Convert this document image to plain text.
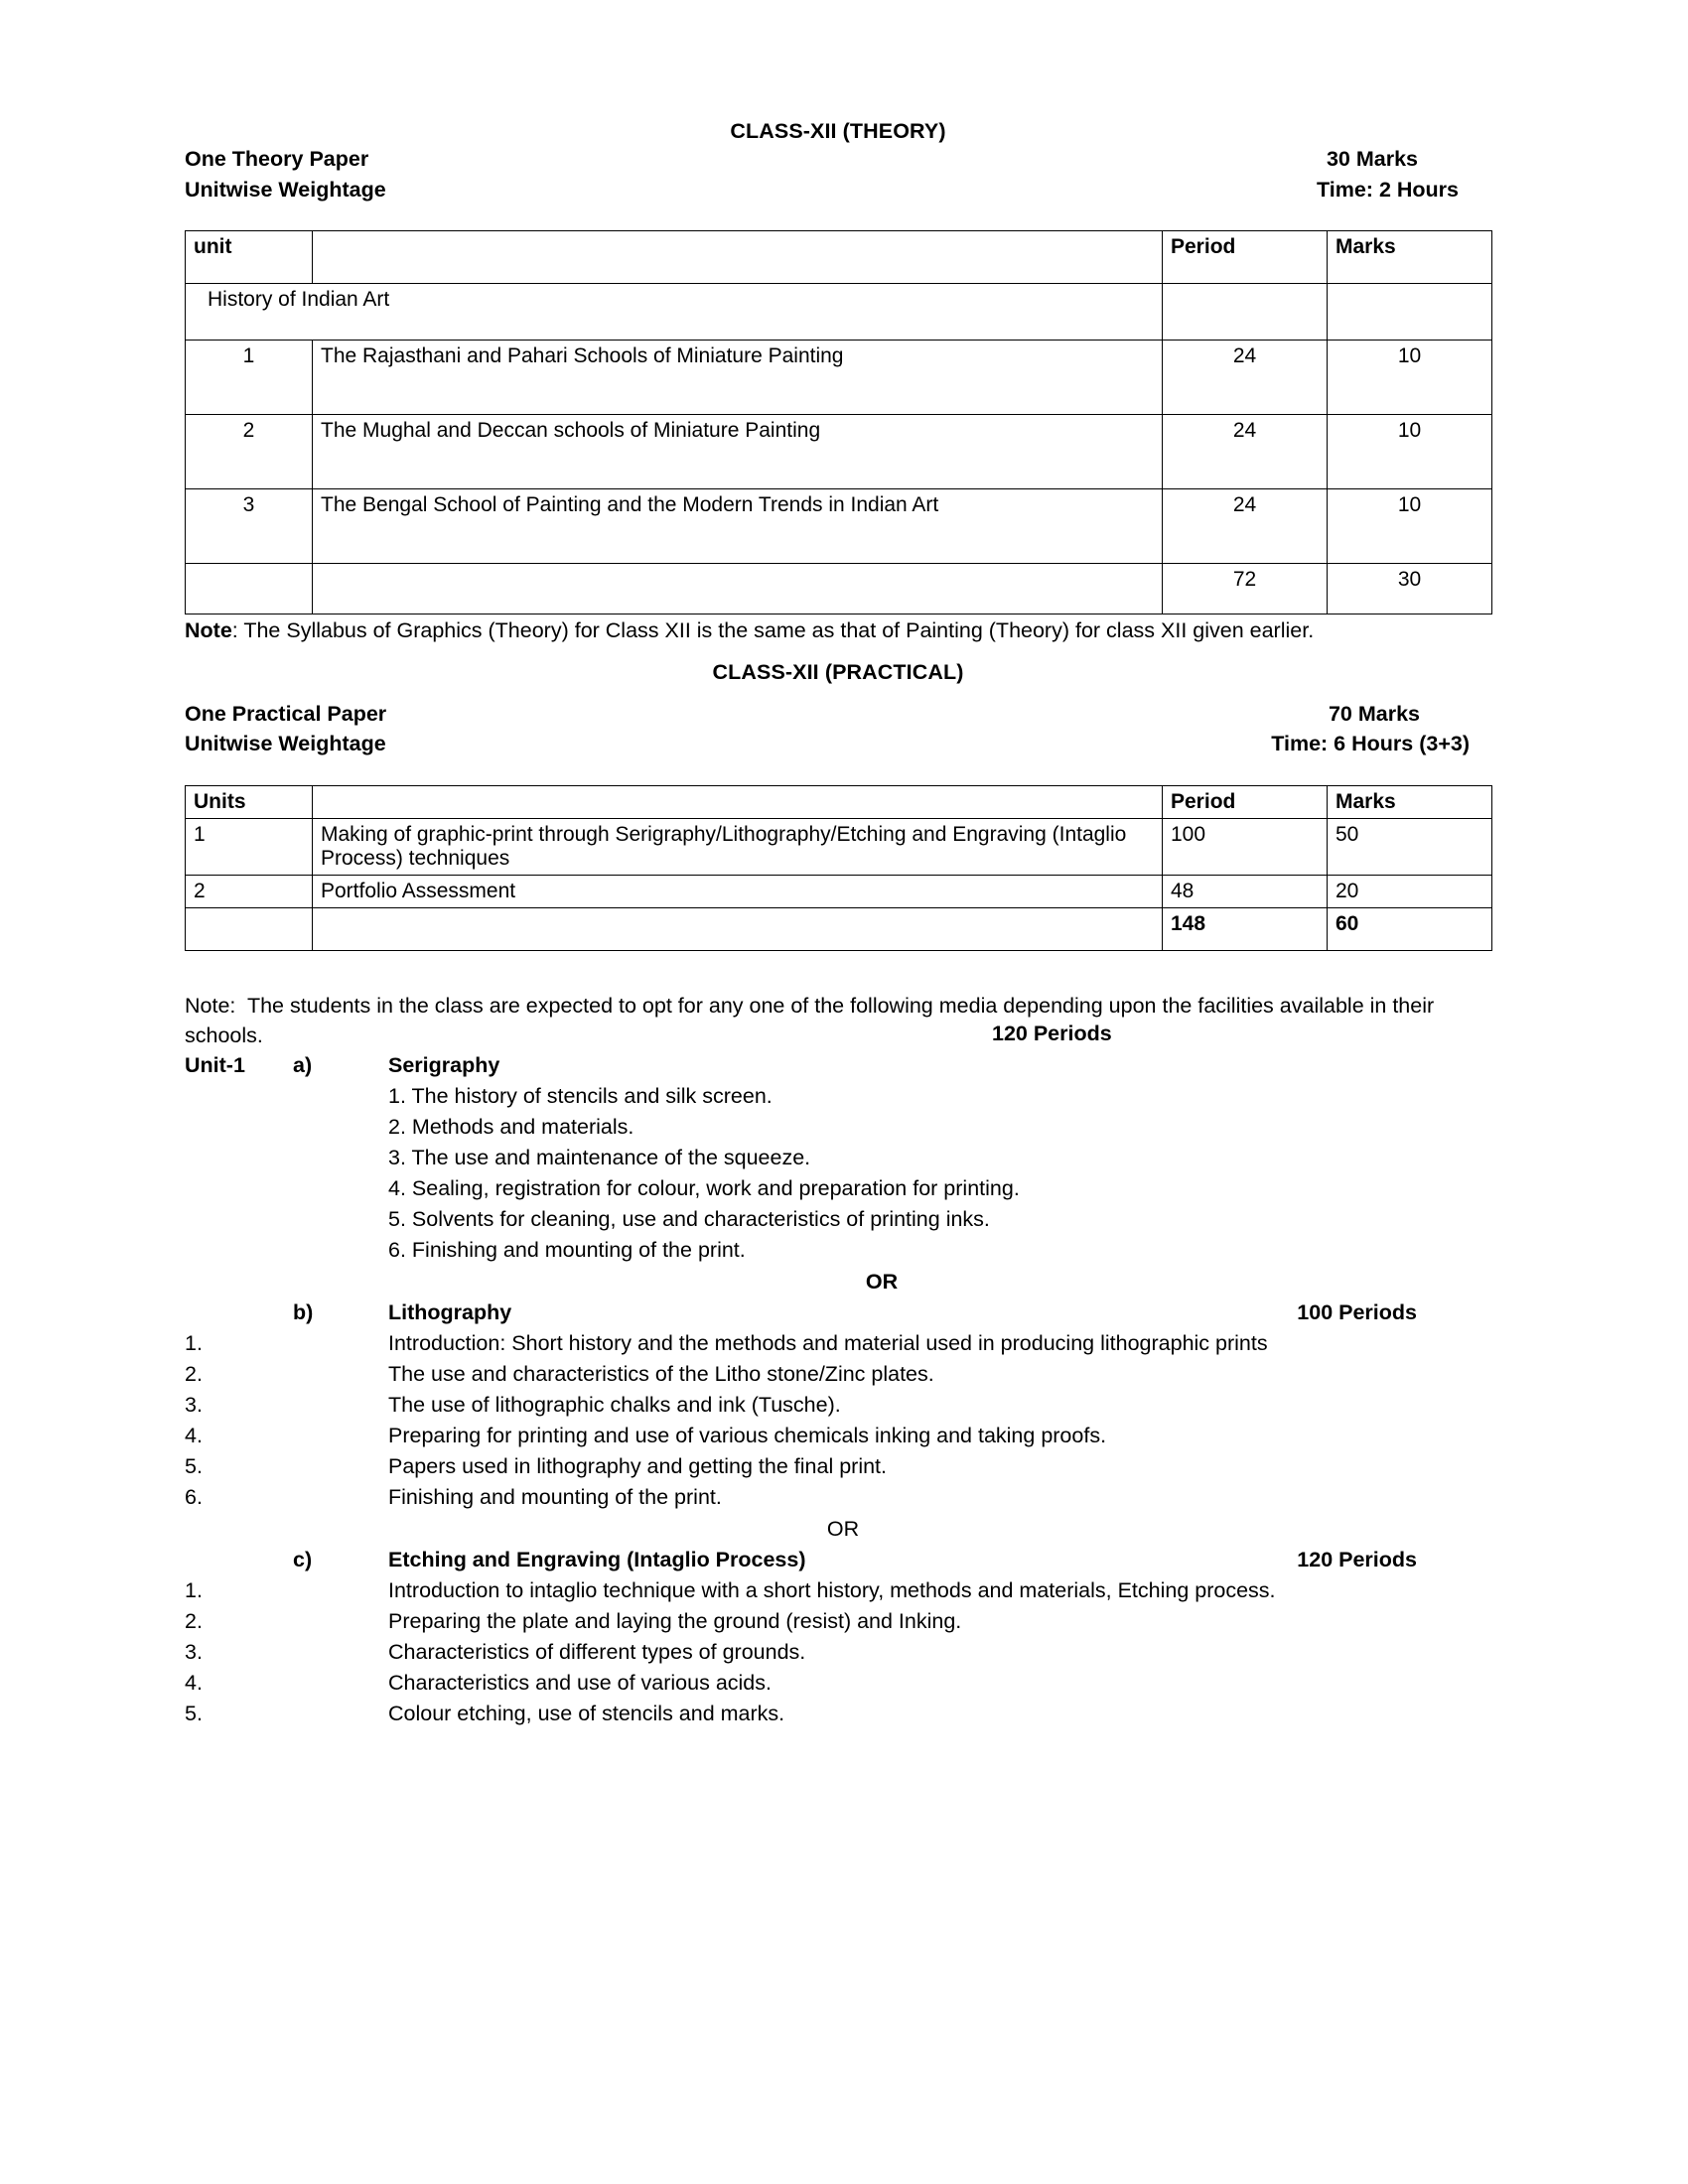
CLASS-XII (THEORY)
One Theory Paper	30 Marks
Unitwise Weightage	Time: 2 Hours
unit		Period	Marks
History of Indian Art			
1	The Rajasthani and Pahari Schools of Miniature Painting	24	10
2	The Mughal and Deccan schools of Miniature Painting	24	10
3	The Bengal School of Painting and the Modern Trends in Indian Art	24	10
		72	30
Note: The Syllabus of Graphics (Theory) for Class XII is the same as that of Painting (Theory) for class XII given earlier.
CLASS-XII (PRACTICAL)
One Practical Paper	70 Marks
Unitwise Weightage	Time: 6 Hours (3+3)
Units		Period	Marks
1	Making of graphic-print through Serigraphy/Lithography/Etching and Engraving (Intaglio Process) techniques	100	50
2	Portfolio Assessment	48	20
		148	60
Note: The students in the class are expected to opt for any one of the following media depending upon the facilities available in their schools.	120 Periods
Unit-1	a)	Serigraphy
1. The history of stencils and silk screen.
2. Methods and materials.
3. The use and maintenance of the squeeze.
4. Sealing, registration for colour, work and preparation for printing.
5. Solvents for cleaning, use and characteristics of printing inks.
6. Finishing and mounting of the print.
OR
b)	Lithography	100 Periods
1.	Introduction: Short history and the methods and material used in producing lithographic prints
2.	The use and characteristics of the Litho stone/Zinc plates.
3.	The use of lithographic chalks and ink (Tusche).
4.	Preparing for printing and use of various chemicals inking and taking proofs.
5.	Papers used in lithography and getting the final print.
6.	Finishing and mounting of the print.
OR
c)	Etching and Engraving (Intaglio Process)	120 Periods
1.	Introduction to intaglio technique with a short history, methods and materials, Etching process.
2.	Preparing the plate and laying the ground (resist) and Inking.
3.	Characteristics of different types of grounds.
4.	Characteristics and use of various acids.
5.	Colour etching, use of stencils and marks.
